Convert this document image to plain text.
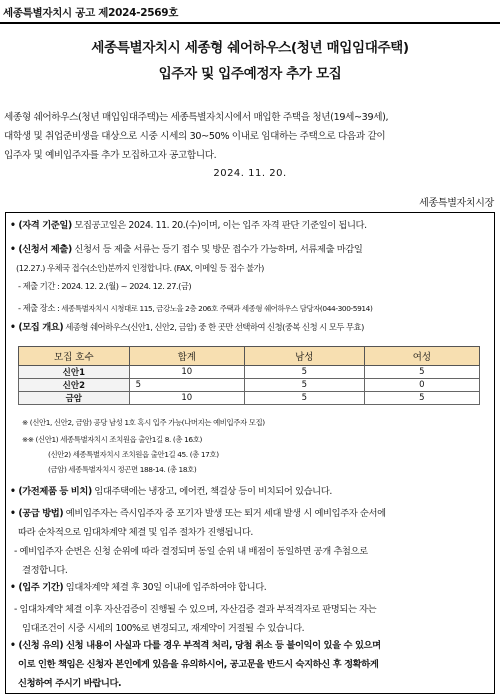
세종특별자치시 공고 제2024-2569호
세종특별자치시 세종형 쉐어하우스(청년 매입임대주택)
입주자 및 입주예정자 추가 모집
세종형 쉐어하우스(청년 매입임대주택)는 세종특별자치시에서 매입한 주택을 청년(19세~39세),
대학생 및 취업준비생을 대상으로 시중 시세의 30~50% 이내로 임대하는 주택으로 다음과 같이
입주자 및 예비입주자를 추가 모집하고자 공고합니다.
2024. 11. 20.
세종특별자치시장
• (자격 기준일) 모집공고일은 2024. 11. 20.(수)이며, 이는 입주 자격 판단 기준일이 됩니다.
• (신청서 제출) 신청서 등 제출 서류는 등기 접수 및 방문 접수가 가능하며, 서류제출 마감일
(12.27.) 우체국 접수(소인)분까지 인정합니다. (FAX, 이메일 등 접수 불가)
- 제출 기간 : 2024. 12. 2.(월) ~ 2024. 12. 27.(금)
- 제출 장소 : 세종특별자치시 시청대로 115, 금강노을 2층 206호 주택과 세종형 쉐어하우스 담당자(044-300-5914)
• (모집 개요) 세종형 쉐어하우스(신안1, 신안2, 금암) 중 한 곳만 선택하여 신청(중복 신청 시 모두 무효)
모집 호수	합계	남성	여성
신안1	10	5	5
신안2	5	5	0
금암	10	5	5
※ (신안1, 신안2, 금암) 공당 남성 1호 혹시 입주 가능(나머지는 예비입주자 모집)
※※ (신안1) 세종특별자치시 조치원읍 출안1길 8. (총 16호)
(신안2) 세종특별자치시 조치원읍 출안1길 45. (총 17호)
(금암) 세종특별자치시 정곤면 188-14. (총 18호)
• (가전제품 등 비치) 임대주택에는 냉장고, 에어컨, 책걸상 등이 비치되어 있습니다.
• (공급 방법) 예비입주자는 즉시입주자 중 포기자 발생 또는 퇴거 세대 발생 시 예비입주자 순서에
따라 순차적으로 임대차계약 체결 및 입주 절차가 진행됩니다.
- 예비입주자 순번은 신청 순위에 따라 결정되며 동일 순위 내 배점이 동일하면 공개 추첨으로
결정합니다.
• (입주 기간) 임대차계약 체결 후 30일 이내에 입주하여야 합니다.
- 임대차계약 체결 이후 자산검증이 진행될 수 있으며, 자산검증 결과 부적격자로 판명되는 자는
임대조건이 시중 시세의 100%로 변경되고, 재계약이 거절될 수 있습니다.
• (신청 유의) 신청 내용이 사실과 다를 경우 부적격 처리, 당첨 취소 등 불이익이 있을 수 있으며
이로 인한 책임은 신청자 본인에게 있음을 유의하시어, 공고문을 반드시 숙지하신 후 정확하게
신청하여 주시기 바랍니다.
